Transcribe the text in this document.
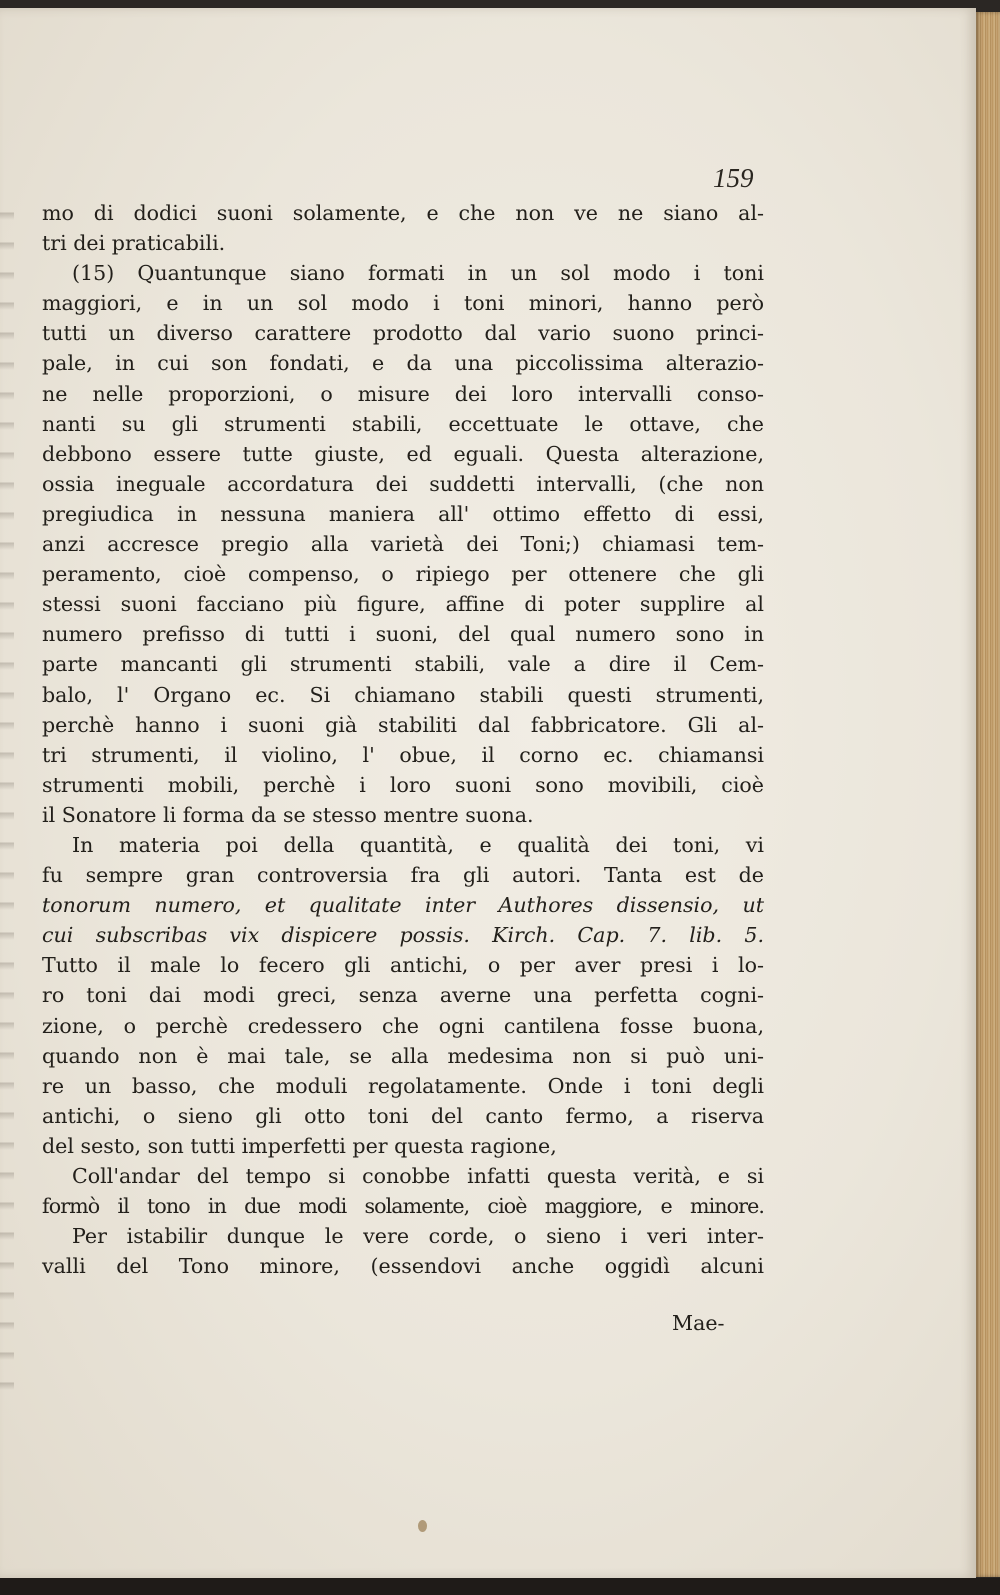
159

mo di dodici suoni solamente, e che non ve ne siano al-

tri dei praticabili.

(15) Quantunque siano formati in un sol modo i toni

maggiori, e in un sol modo i toni minori, hanno però

tutti un diverso carattere prodotto dal vario suono princi-

pale, in cui son fondati, e da una piccolissima alterazio-

ne nelle proporzioni, o misure dei loro intervalli conso-

nanti su gli strumenti stabili, eccettuate le ottave, che

debbono essere tutte giuste, ed eguali. Questa alterazione,

ossia ineguale accordatura dei suddetti intervalli, (che non

pregiudica in nessuna maniera all' ottimo effetto di essi,

anzi accresce pregio alla varietà dei Toni;) chiamasi tem-

peramento, cioè compenso, o ripiego per ottenere che gli

stessi suoni facciano più figure, affine di poter supplire al

numero prefisso di tutti i suoni, del qual numero sono in

parte mancanti gli strumenti stabili, vale a dire il Cem-

balo, l' Organo ec. Si chiamano stabili questi strumenti,

perchè hanno i suoni già stabiliti dal fabbricatore. Gli al-

tri strumenti, il violino, l' obue, il corno ec. chiamansi

strumenti mobili, perchè i loro suoni sono movibili, cioè

il Sonatore li forma da se stesso mentre suona.

In materia poi della quantità, e qualità dei toni, vi

fu sempre gran controversia fra gli autori. Tanta est de

tonorum numero, et qualitate inter Authores dissensio, ut

cui subscribas vix dispicere possis. Kirch. Cap. 7. lib. 5.

Tutto il male lo fecero gli antichi, o per aver presi i lo-

ro toni dai modi greci, senza averne una perfetta cogni-

zione, o perchè credessero che ogni cantilena fosse buona,

quando non è mai tale, se alla medesima non si può uni-

re un basso, che moduli regolatamente. Onde i toni degli

antichi, o sieno gli otto toni del canto fermo, a riserva

del sesto, son tutti imperfetti per questa ragione,

Coll'andar del tempo si conobbe infatti questa verità, e si

formò il tono in due modi solamente, cioè maggiore, e minore.

Per istabilir dunque le vere corde, o sieno i veri inter-

valli del Tono minore, (essendovi anche oggidì alcuni

Mae-
